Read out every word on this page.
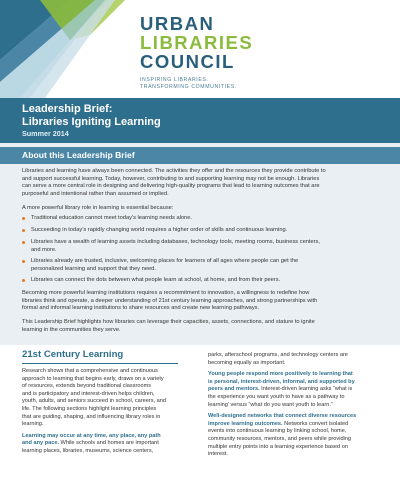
URBAN
LIBRARIES
COUNCIL
INSPIRING LIBRARIES.
TRANSFORMING COMMUNITIES.
Leadership Brief:
Libraries Igniting Learning
Summer 2014
About this Leadership Brief
Libraries and learning have always been connected. The activities they offer and the resources they provide contribute to
and support successful learning. Today, however, contributing to and supporting learning may not be enough. Libraries
can serve a more central role in designing and delivering high-quality programs that lead to learning outcomes that are
purposeful and intentional rather than assumed or implied.
A more powerful library role in learning is essential because:
Traditional education cannot meet today’s learning needs alone.
Succeeding in today’s rapidly changing world requires a higher order of skills and continuous learning.
Libraries have a wealth of learning assets including databases, technology tools, meeting rooms, business centers,
and more.
Libraries already are trusted, inclusive, welcoming places for learners of all ages where people can get the
personalized learning and support that they need.
Libraries can connect the dots between what people learn at school, at home, and from their peers.
Becoming more powerful learning institutions requires a recommitment to innovation, a willingness to redefine how
libraries think and operate, a deeper understanding of 21st century learning approaches, and strong partnerships with
formal and informal learning institutions to share resources and create new learning pathways.
This Leadership Brief highlights how libraries can leverage their capacities, assets, connections, and stature to ignite
learning in the communities they serve.
21st Century Learning
Research shows that a comprehensive and continuous
approach to learning that begins early, draws on a variety
of resources, extends beyond traditional classrooms
and is participatory and interest-driven helps children,
youth, adults, and seniors succeed in school, careers, and
life. The following sections highlight learning principles
that are guiding, shaping, and influencing library roles in
learning.
Learning may occur at any time, any place, any path
and any pace. While schools and homes are important
learning places, libraries, museums, science centers,
parks, afterschool programs, and technology centers are
becoming equally as important.
Young people respond more positively to learning that
is personal, interest-driven, informal, and supported by
peers and mentors. Interest-driven learning asks “what is
the experience you want youth to have as a pathway to
learning’ versus “what do you want youth to learn.”
Well-designed networks that connect diverse resources
improve learning outcomes. Networks convert isolated
events into continuous learning by linking school, home,
community resources, mentors, and peers while providing
multiple entry points into a learning experience based on
interest.
